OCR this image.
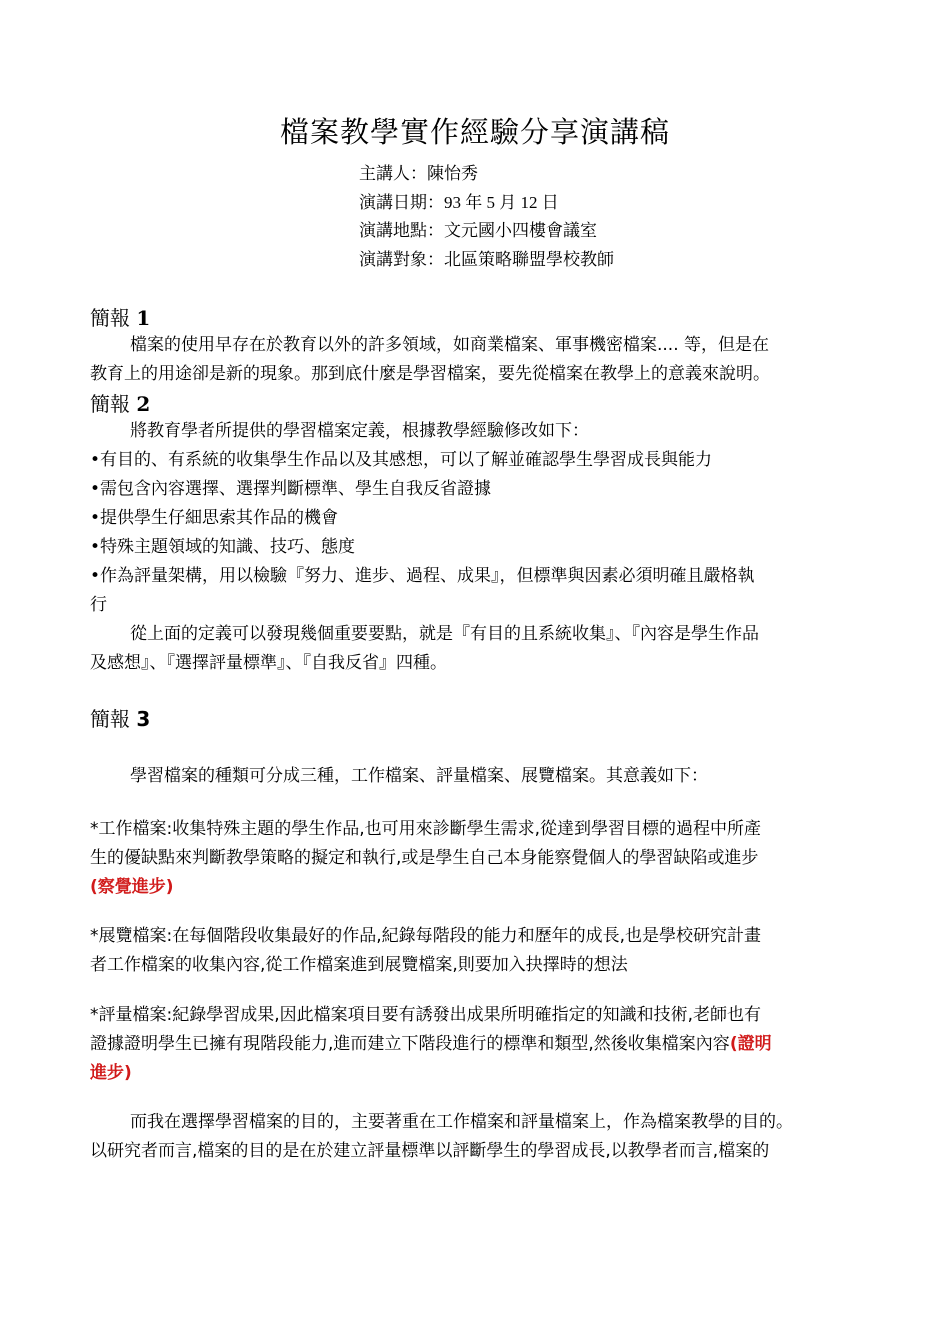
檔案教學實作經驗分享演講稿
主講人：陳怡秀
演講日期：93 年 5 月 12 日
演講地點：文元國小四樓會議室
演講對象：北區策略聯盟學校教師
簡報 1
檔案的使用早存在於教育以外的許多領域，如商業檔案、軍事機密檔案.... 等，但是在
教育上的用途卻是新的現象。那到底什麼是學習檔案，要先從檔案在教學上的意義來說明。
簡報 2
將教育學者所提供的學習檔案定義，根據教學經驗修改如下：
•有目的、有系統的收集學生作品以及其感想，可以了解並確認學生學習成長與能力
•需包含內容選擇、選擇判斷標準、學生自我反省證據
•提供學生仔細思索其作品的機會
•特殊主題領域的知識、技巧、態度
•作為評量架構，用以檢驗『努力、進步、過程、成果』，但標準與因素必須明確且嚴格執
行
從上面的定義可以發現幾個重要要點，就是『有目的且系統收集』、『內容是學生作品
及感想』、『選擇評量標準』、『自我反省』四種。
簡報 3
學習檔案的種類可分成三種，工作檔案、評量檔案、展覽檔案。其意義如下：
*工作檔案:收集特殊主題的學生作品,也可用來診斷學生需求,從達到學習目標的過程中所產
生的優缺點來判斷教學策略的擬定和執行,或是學生自己本身能察覺個人的學習缺陷或進步
(察覺進步)
*展覽檔案:在每個階段收集最好的作品,紀錄每階段的能力和歷年的成長,也是學校研究計畫
者工作檔案的收集內容,從工作檔案進到展覽檔案,則要加入抉擇時的想法
*評量檔案:紀錄學習成果,因此檔案項目要有誘發出成果所明確指定的知識和技術,老師也有
證據證明學生已擁有現階段能力,進而建立下階段進行的標準和類型,然後收集檔案內容(證明
進步)
而我在選擇學習檔案的目的，主要著重在工作檔案和評量檔案上，作為檔案教學的目的。
以研究者而言,檔案的目的是在於建立評量標準以評斷學生的學習成長,以教學者而言,檔案的
